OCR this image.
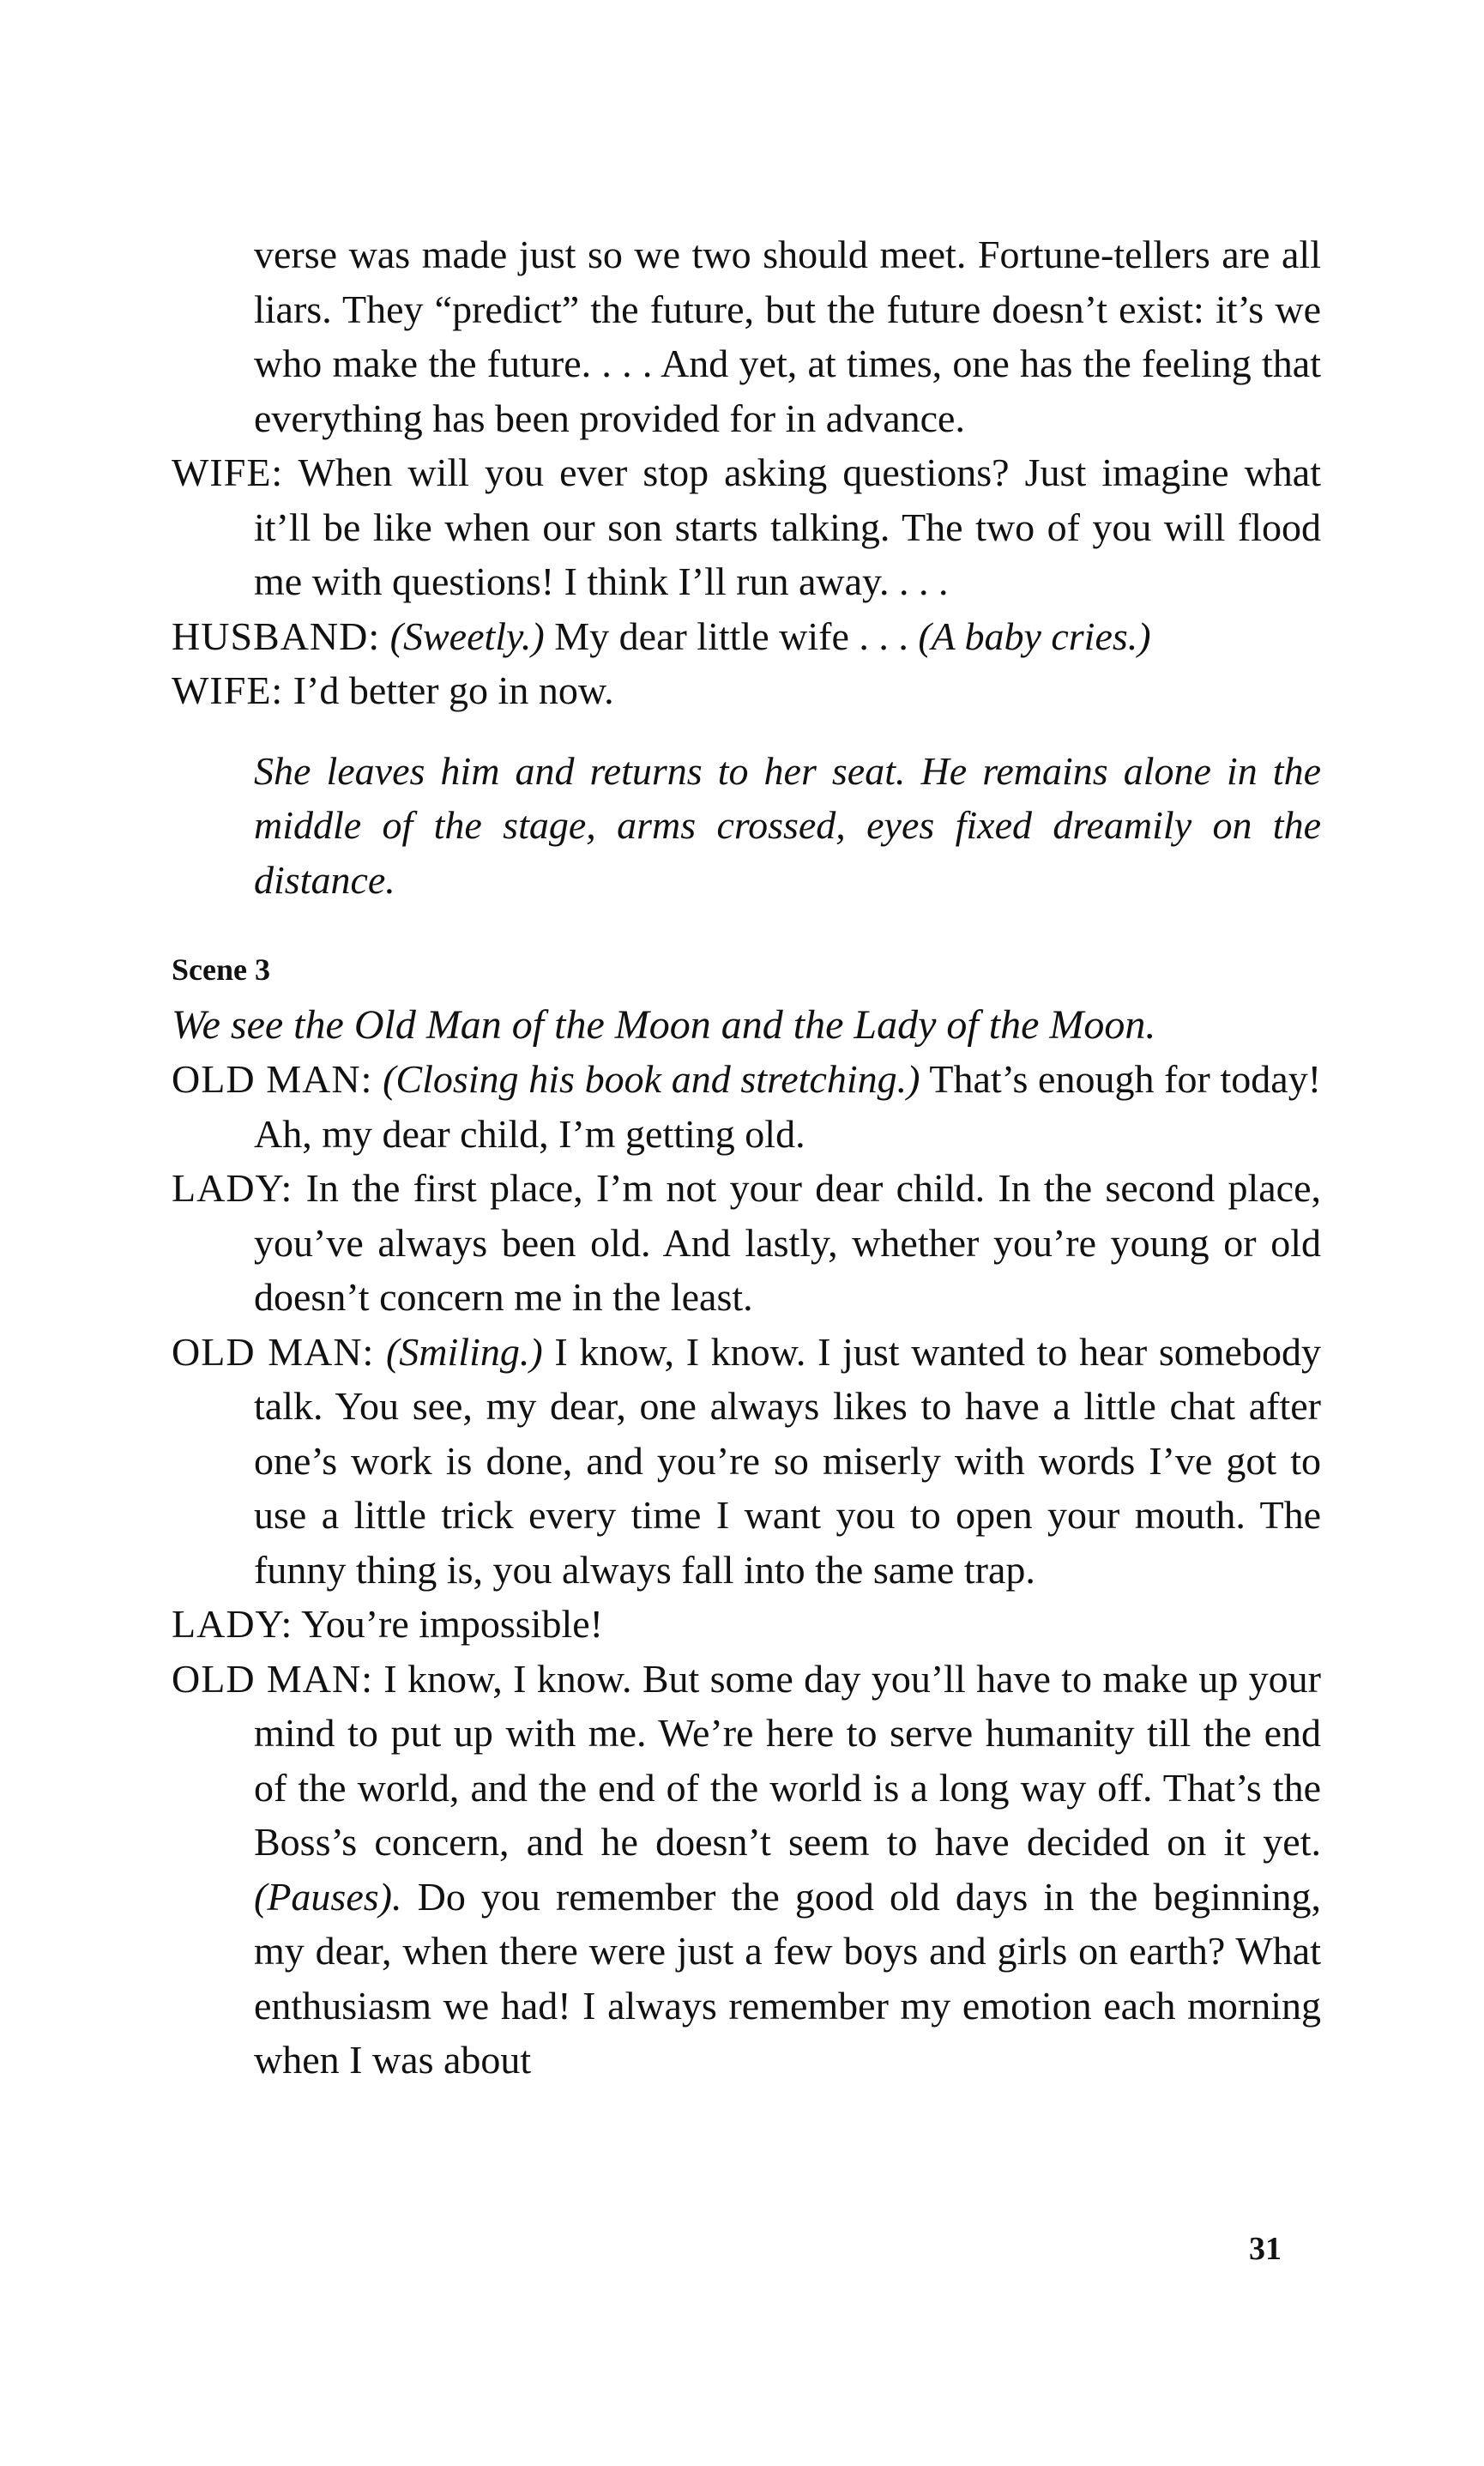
verse was made just so we two should meet. Fortune-tellers are all liars. They “predict” the future, but the future doesn’t exist: it’s we who make the future. . . . And yet, at times, one has the feeling that everything has been provided for in advance.

WIFE: When will you ever stop asking questions? Just imagine what it’ll be like when our son starts talking. The two of you will flood me with questions! I think I’ll run away. . . .

HUSBAND: (Sweetly.) My dear little wife . . . (A baby cries.)

WIFE: I’d better go in now.

She leaves him and returns to her seat. He remains alone in the middle of the stage, arms crossed, eyes fixed dreamily on the distance.

Scene 3

We see the Old Man of the Moon and the Lady of the Moon.

OLD MAN: (Closing his book and stretching.) That’s enough for today! Ah, my dear child, I’m getting old.

LADY: In the first place, I’m not your dear child. In the second place, you’ve always been old. And lastly, whether you’re young or old doesn’t concern me in the least.

OLD MAN: (Smiling.) I know, I know. I just wanted to hear somebody talk. You see, my dear, one always likes to have a little chat after one’s work is done, and you’re so miserly with words I’ve got to use a little trick every time I want you to open your mouth. The funny thing is, you always fall into the same trap.

LADY: You’re impossible!

OLD MAN: I know, I know. But some day you’ll have to make up your mind to put up with me. We’re here to serve humanity till the end of the world, and the end of the world is a long way off. That’s the Boss’s concern, and he doesn’t seem to have decided on it yet. (Pauses). Do you remember the good old days in the beginning, my dear, when there were just a few boys and girls on earth? What enthusiasm we had! I always remember my emotion each morning when I was about

31
